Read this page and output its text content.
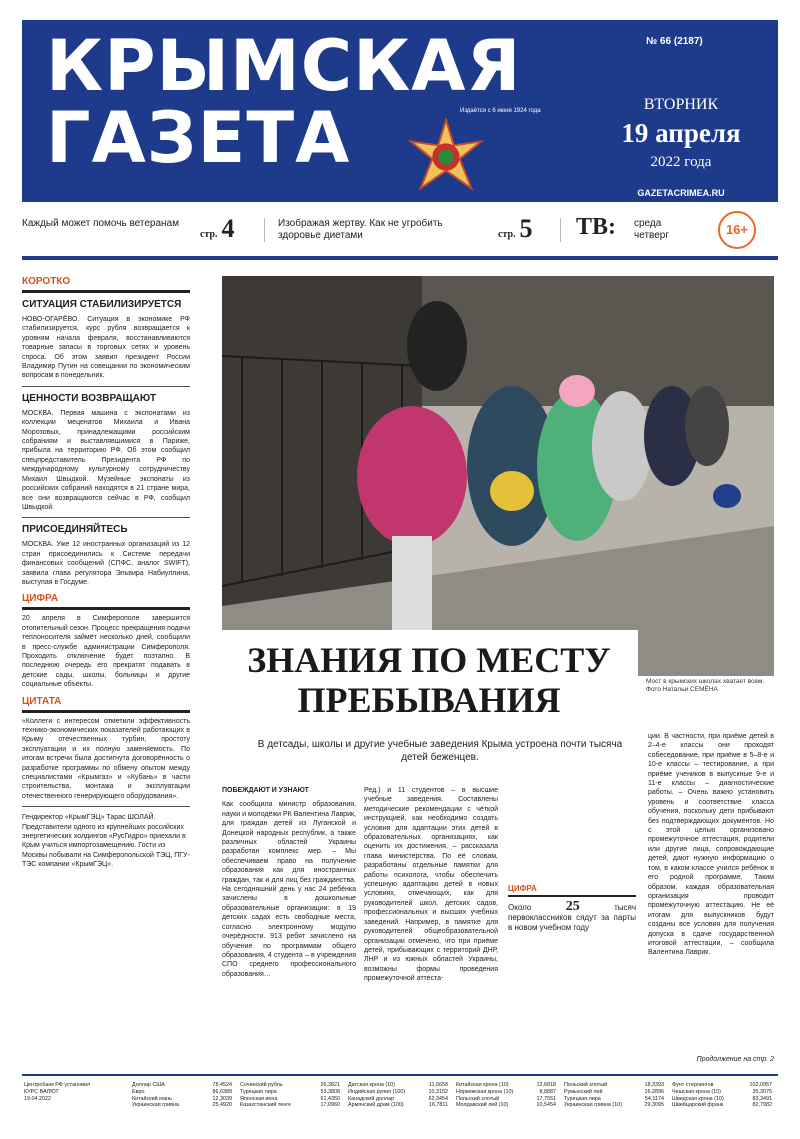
КРЫМСКАЯ
ГАЗЕТА	Издаётся с 6 июня 1924 года
№ 66 (2187)
ВТОРНИК
19 апреля
2022 года
GAZETACRIMEA.RU
Каждый может помочь ветеранам
стр. 4	Изображая жертву. Как не угробить здоровье диетами	стр. 5 ТВ: среда четверг	16+
КОРОТКО
СИТУАЦИЯ СТАБИЛИЗИРУЕТСЯ
НОВО-ОГАРЁВО. Ситуация в экономике РФ стабилизируется, курс рубля возвращается к уровням начала февраля, восстанавливаются товарные запасы в торговых сетях и уровень спроса. Об этом заявил президент России Владимир Путин на совещании по экономическим вопросам в понедельник.
ЦЕННОСТИ ВОЗВРАЩАЮТ
МОСКВА. Первая машина с экспонатами из коллекции меценатов Михаила и Ивана Морозовых, принадлежащими российским собраниям и выставлявшимися в Париже, прибыла на территорию РФ. Об этом сообщил спецпредставитель Президента РФ по международному культурному сотрудничеству Михаил Швыдкой. Музейные экспонаты из российских собраний находятся в 21 стране мира, все они возвращаются сейчас в РФ, сообщил Швыдкой.
ПРИСОЕДИНЯЙТЕСЬ
МОСКВА. Уже 12 иностранных организаций из 12 стран присоединились к Системе передачи финансовых сообщений (СПФС, аналог SWIFT), заявила глава регулятора Эльвира Набиуллина, выступая в Госдуме.
ЦИФРА
20 апреля в Симферополе завершится отопительный сезон. Процесс прекращения подачи теплоносителя займёт несколько дней, сообщили в пресс-службе администрации Симферополя. Проходить отключение будет поэтапно. В последнюю очередь его прекратят подавать в детские сады, школы, больницы и другие социальные объекты.
ЦИТАТА
«Коллеги с интересом отметили эффективность технико-экономических показателей работающих в Крыму отечественных турбин, простоту эксплуатации и их полную заменяемость. По итогам встречи была достигнута договорённость о разработке программы по обмену опытом между специалистами «Крымгаз» и «Кубань» в части строительства, монтажа и эксплуатации отечественного генерирующего оборудования».
Гендиректор «КрымГЭЦ» Тарас ШОЛАЙ. Представители одного из крупнейших российских энергетических холдингов «РусГидро» приехали в Крым учиться импортозамещению. Гости из Москвы побывали на Симферопольской ТЭЦ, ПГУ-ТЭС компании «КрымГЭЦ».
Мост в крымских школах хватает всем. Фото Натальи СЕМЁНА
ЗНАНИЯ ПО МЕСТУ ПРЕБЫВАНИЯ
В детсады, школы и другие учебные заведения Крыма устроена почти тысяча детей беженцев.
ПОБЕЖДАЮТ И УЗНАЮТ
Как сообщила министр образования, науки и молодёжи РК Валентина Лаврик, для граждан детей из Луганской и Донецкой народных республик, а также различных областей Украины разработан комплекс мер. – Мы обеспечиваем право на получение образования как для иностранных граждан, так и для лиц без гражданства. На сегодняшний день у нас 24 ребёнка зачислены в дошкольные образовательные организации: в 19 детских садах есть свободные места, согласно электронному модулю очерёдности. 913 ребят зачислено на обучение по программам общего образования, 4 студента – в учреждения СПО среднего профессионального образования…
Ред.) и 11 студентов – в высшие учебные заведения. Составлены методические рекомендации с чёткой инструкцией, как необходимо создать условия для адаптации этих детей в образовательных организациях, как оценить их достижения, – рассказала глава министерства. По её словам, разработаны отдельные памятки для работы психолога, чтобы обеспечить успешную адаптацию детей в новых условиях, отмечающих, как для руководителей школ, детских садов, профессиональных и высших учебных заведений. Например, в памятке для руководителей общеобразовательной организации отмечено, что при приёме детей, прибывающих с территорий ДНР, ЛНР и из южных областей Украины, возможны формы проведения промежуточной аттеста-
ЦИФРА
Около 25	тысяч первоклассников сядут за парты в новом учебном году
ции. В частности, при приёме детей в 2–4-е классы они проходят собеседование, при приёме в 5–8-е и 10-е классы – тестирование, а при приёме учеников в выпускные 9-е и 11-е классы – диагностические работы. – Очень важно установить уровень и соответствие класса обучения, поскольку дети прибывают без подтверждающих документов. Но с этой целью организовано промежуточное аттестация, родители или другие лица, сопровождающие детей, дают нужную информацию о том, в каком классе учился ребёнок в его родной программе. Таким образом, каждая образовательная организация проводит промежуточную аттестацию. Не её итогам для выпускников будут созданы все условия для получения допуска в сдаче государственной итоговой аттестации, – сообщила Валентина Лаврик.
Продолжение на стр. 2
Центробанк РФ установил
КУРС ВАЛЮТ
19.04.2022
Доллар США	78,4524
Евро	86,6389
Китайский юань	12,3039
Украинская гривна	25,4920
Сочинский рубль	26,3821
Турецкая лира	53,3808
Японская иена	61,4350
Казахстанский тенге	17,0960
Датская крона (10)	11,6658
Индийская рупия (100)	10,3152
Канадский доллар	62,3454
Армянский драм (100)	16,7811
Китайская крона (10)	12,6818
Норвежская крона (10)	8,8887
Польский злотый	17,7551
Молдавский лей (10)	10,5454
Польский злотый	18,3393
Румынский лей	16,2896
Турецкая лира	54,1174
Украинская гривна (10)	29,3095
Фунт стерлингов	102,0957
Чешская крона (10)	35,3075
Шведская крона (10)	83,3491
Швейцарский франк	82,7982
